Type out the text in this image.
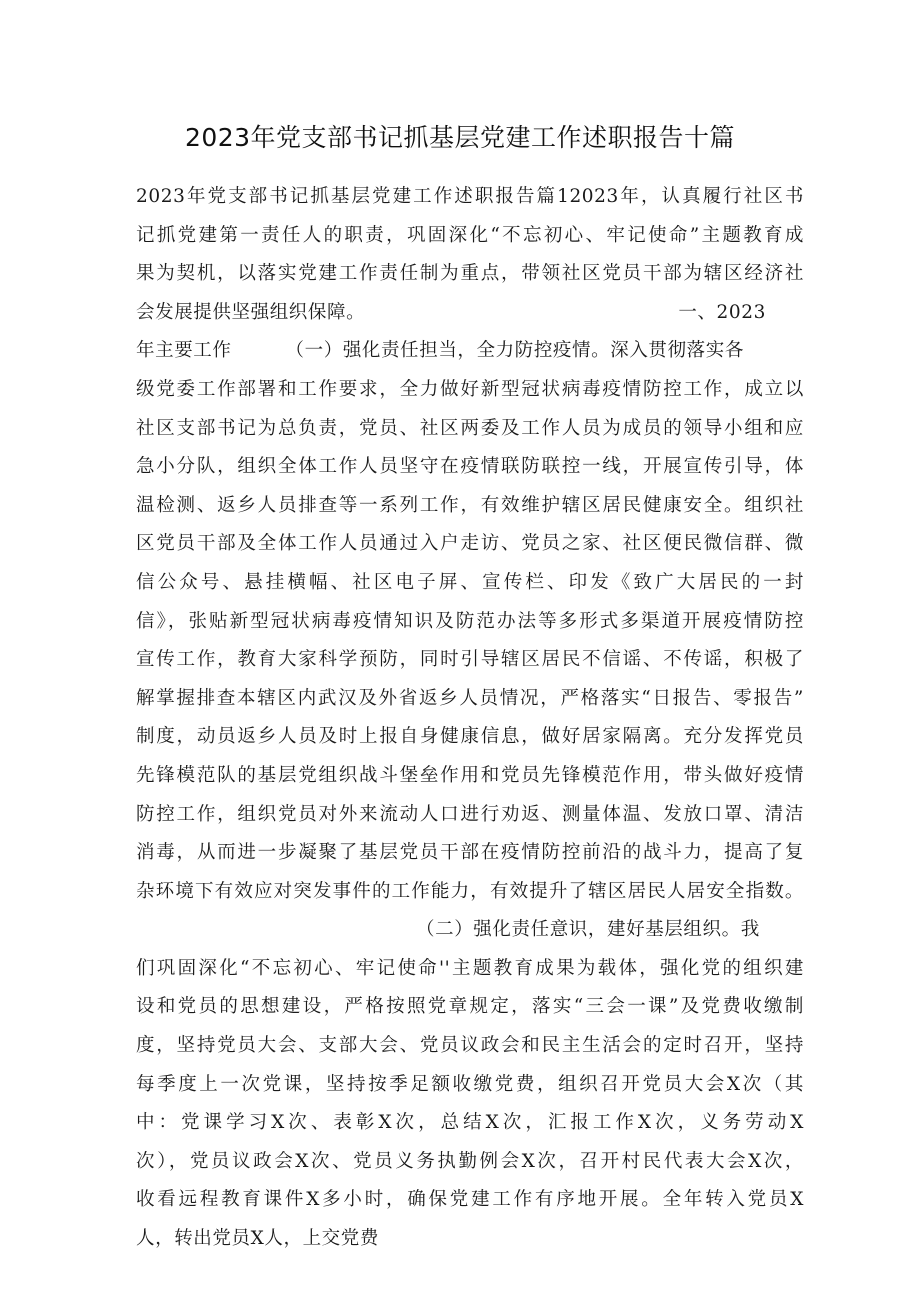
2023年党支部书记抓基层党建工作述职报告十篇
2023年党支部书记抓基层党建工作述职报告篇12023年，认真履行社区书
记抓党建第一责任人的职责，巩固深化“不忘初心、牢记使命”主题教育成
果为契机，以落实党建工作责任制为重点，带领社区党员干部为辖区经济社
会发展提供坚强组织保障。	一、2023
年主要工作	（一）强化责任担当，全力防控疫情。深入贯彻落实各
级党委工作部署和工作要求，全力做好新型冠状病毒疫情防控工作，成立以
社区支部书记为总负责，党员、社区两委及工作人员为成员的领导小组和应
急小分队，组织全体工作人员坚守在疫情联防联控一线，开展宣传引导，体
温检测、返乡人员排查等一系列工作，有效维护辖区居民健康安全。组织社
区党员干部及全体工作人员通过入户走访、党员之家、社区便民微信群、微
信公众号、悬挂横幅、社区电子屏、宣传栏、印发《致广大居民的一封
信》，张贴新型冠状病毒疫情知识及防范办法等多形式多渠道开展疫情防控
宣传工作，教育大家科学预防，同时引导辖区居民不信谣、不传谣，积极了
解掌握排查本辖区内武汉及外省返乡人员情况，严格落实“日报告、零报告”
制度，动员返乡人员及时上报自身健康信息，做好居家隔离。充分发挥党员
先锋模范队的基层党组织战斗堡垒作用和党员先锋模范作用，带头做好疫情
防控工作，组织党员对外来流动人口进行劝返、测量体温、发放口罩、清洁
消毒，从而进一步凝聚了基层党员干部在疫情防控前沿的战斗力，提高了复
杂环境下有效应对突发事件的工作能力，有效提升了辖区居民人居安全指数。
（二）强化责任意识，建好基层组织。我
们巩固深化“不忘初心、牢记使命''主题教育成果为载体，强化党的组织建
设和党员的思想建设，严格按照党章规定，落实“三会一课”及党费收缴制
度，坚持党员大会、支部大会、党员议政会和民主生活会的定时召开，坚持
每季度上一次党课，坚持按季足额收缴党费，组织召开党员大会X次（其
中：党课学习X次、表彰X次，总结X次，汇报工作X次，义务劳动X
次），党员议政会X次、党员义务执勤例会X次，召开村民代表大会X次，
收看远程教育课件X多小时，确保党建工作有序地开展。全年转入党员X
人，转出党员X人，上交党费
